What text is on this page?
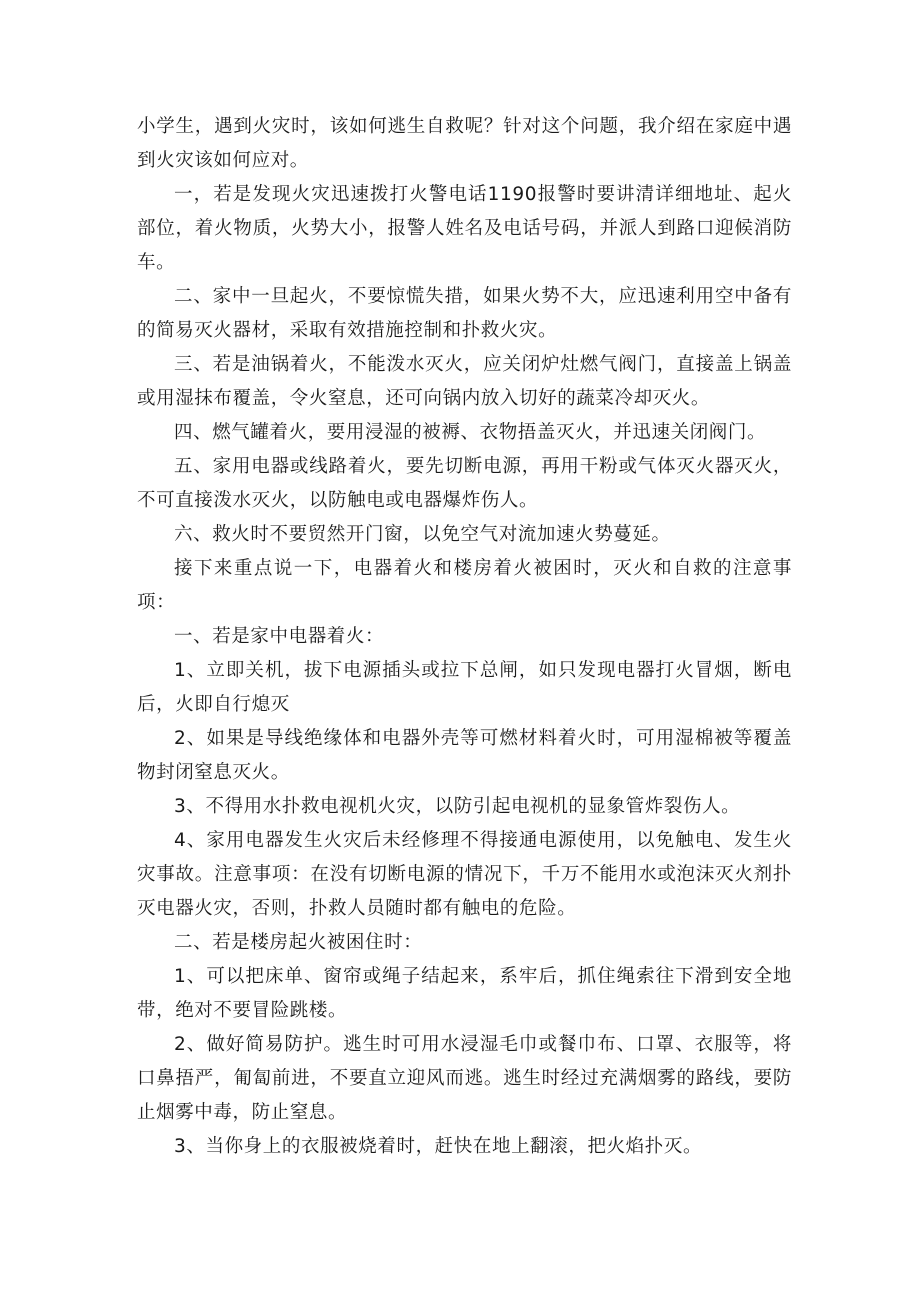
小学生，遇到火灾时，该如何逃生自救呢？针对这个问题，我介绍在家庭中遇到火灾该如何应对。

一，若是发现火灾迅速拨打火警电话1190报警时要讲清详细地址、起火部位，着火物质，火势大小，报警人姓名及电话号码，并派人到路口迎候消防车。

二、家中一旦起火，不要惊慌失措，如果火势不大，应迅速利用空中备有的简易灭火器材，采取有效措施控制和扑救火灾。

三、若是油锅着火，不能泼水灭火，应关闭炉灶燃气阀门，直接盖上锅盖或用湿抹布覆盖，令火窒息，还可向锅内放入切好的蔬菜冷却灭火。

四、燃气罐着火，要用浸湿的被褥、衣物捂盖灭火，并迅速关闭阀门。

五、家用电器或线路着火，要先切断电源，再用干粉或气体灭火器灭火，不可直接泼水灭火，以防触电或电器爆炸伤人。

六、救火时不要贸然开门窗，以免空气对流加速火势蔓延。

接下来重点说一下，电器着火和楼房着火被困时，灭火和自救的注意事项：

一、若是家中电器着火：

1、立即关机，拔下电源插头或拉下总闸，如只发现电器打火冒烟，断电后，火即自行熄灭

2、如果是导线绝缘体和电器外壳等可燃材料着火时，可用湿棉被等覆盖物封闭窒息灭火。

3、不得用水扑救电视机火灾，以防引起电视机的显象管炸裂伤人。

4、家用电器发生火灾后未经修理不得接通电源使用，以免触电、发生火灾事故。注意事项：在没有切断电源的情况下，千万不能用水或泡沫灭火剂扑灭电器火灾，否则，扑救人员随时都有触电的危险。

二、若是楼房起火被困住时：

1、可以把床单、窗帘或绳子结起来，系牢后，抓住绳索往下滑到安全地带，绝对不要冒险跳楼。

2、做好简易防护。逃生时可用水浸湿毛巾或餐巾布、口罩、衣服等，将口鼻捂严，匍匐前进，不要直立迎风而逃。逃生时经过充满烟雾的路线，要防止烟雾中毒，防止窒息。

3、当你身上的衣服被烧着时，赶快在地上翻滚，把火焰扑灭。
